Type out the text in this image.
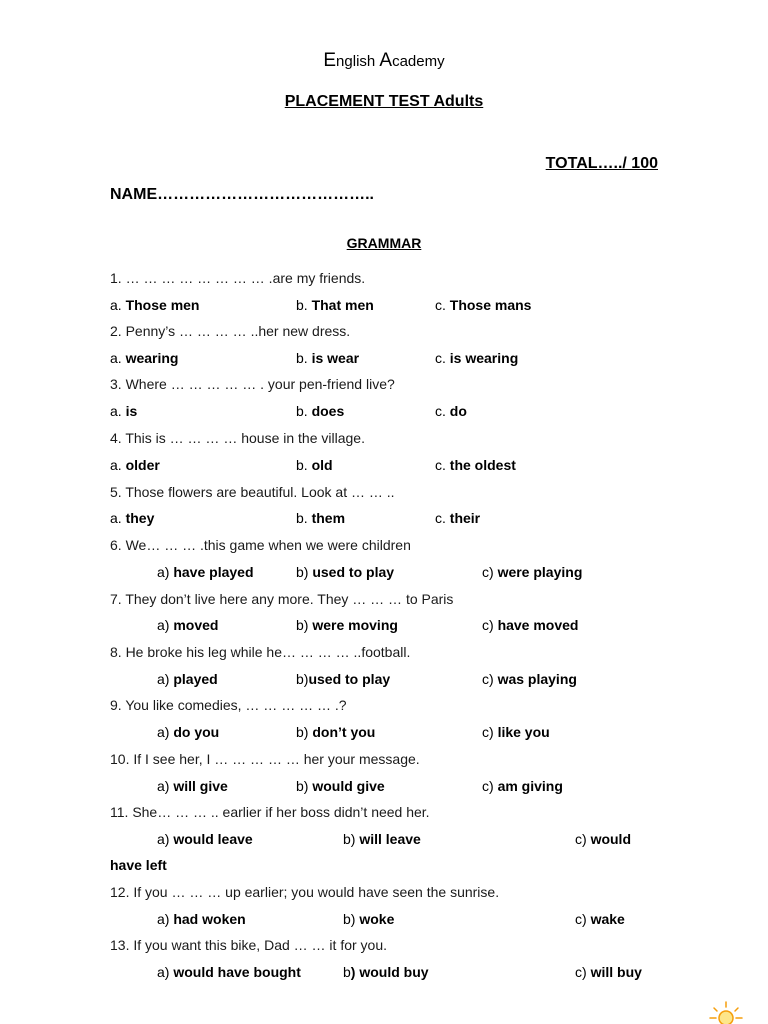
English Academy
PLACEMENT TEST Adults
TOTAL…../ 100
NAME…………………………………..
GRAMMAR
1. … … … … … … … … .are my friends.
a. Those men	b. That men	c. Those mans
2. Penny’s … … … … ..her new dress.
a. wearing	b. is wear	c. is wearing
3. Where … … … … … . your pen-friend live?
a. is	b. does	c. do
4. This is … … … … house in the village.
a. older	b. old	c. the oldest
5. Those flowers are beautiful. Look at … … ..
a. they	b. them	c. their
6. We… … … .this game when we were children
a) have played	b) used to play	c) were playing
7. They don’t live here any more. They … … … to Paris
a) moved	b) were moving	c) have moved
8. He broke his leg while he… … … … ..football.
a) played	b)used to play	c) was playing
9. You like comedies, … … … … … .?
a) do you	b) don’t you	c) like you
10. If I see her, I … … … … … her your message.
a) will give	b) would give	c) am giving
11. She… … … .. earlier if her boss didn’t need her.
a) would leave	b) will leave	c) would
have left
12. If you … … … up earlier; you would have seen the sunrise.
a) had woken	b) woke	c) wake
13. If you want this bike, Dad … … it for you.
a) would have bought	b) would buy	c) will buy
